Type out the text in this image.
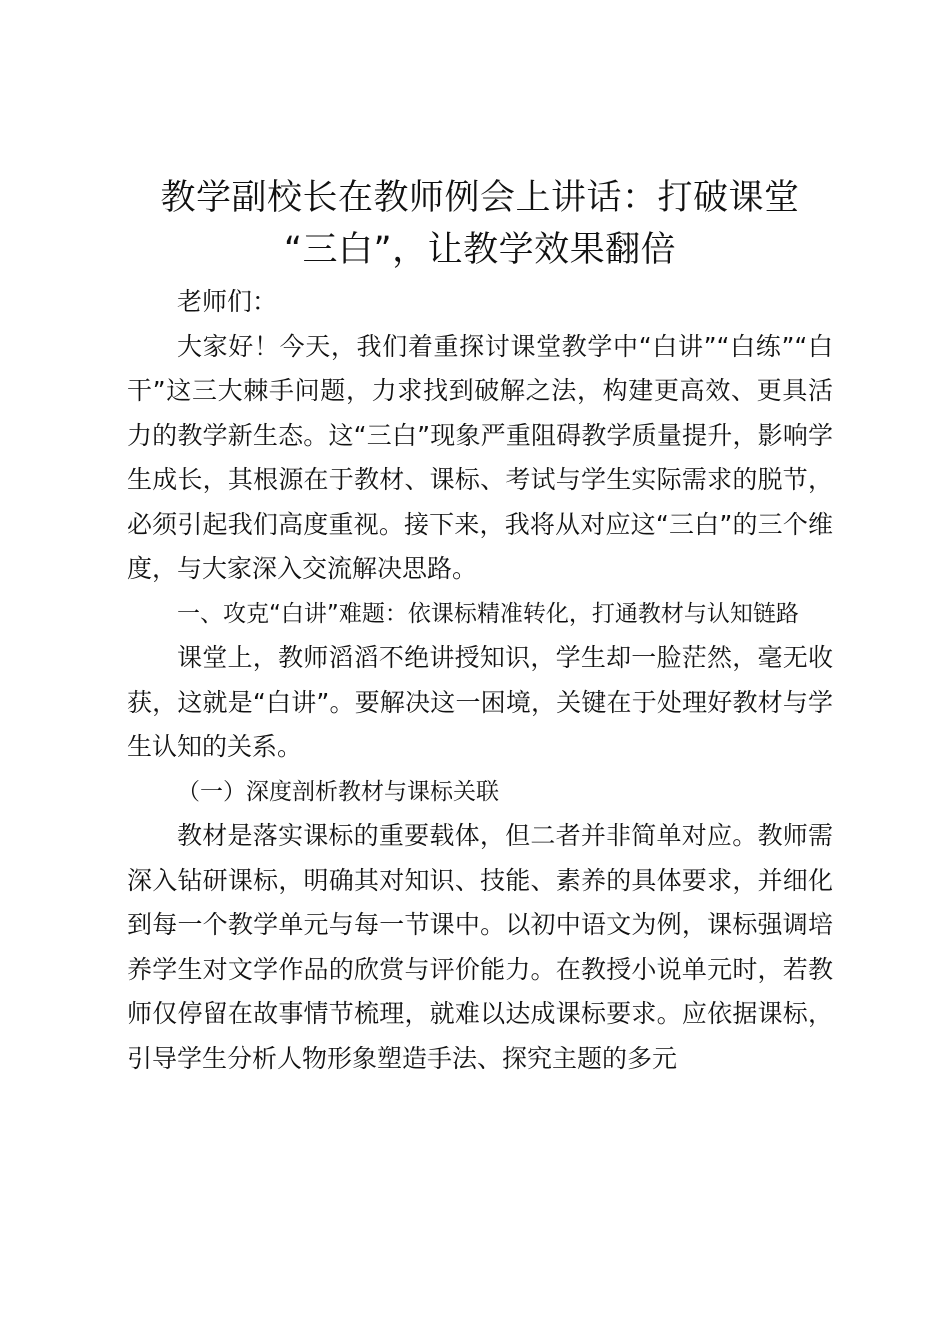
教学副校长在教师例会上讲话：打破课堂
“三白”，让教学效果翻倍

老师们：

大家好！今天，我们着重探讨课堂教学中“白讲”“白练”“白干”这三大棘手问题，力求找到破解之法，构建更高效、更具活力的教学新生态。这“三白”现象严重阻碍教学质量提升，影响学生成长，其根源在于教材、课标、考试与学生实际需求的脱节，必须引起我们高度重视。接下来，我将从对应这“三白”的三个维度，与大家深入交流解决思路。

一、攻克“白讲”难题：依课标精准转化，打通教材与认知链路

课堂上，教师滔滔不绝讲授知识，学生却一脸茫然，毫无收获，这就是“白讲”。要解决这一困境，关键在于处理好教材与学生认知的关系。

（一）深度剖析教材与课标关联

教材是落实课标的重要载体，但二者并非简单对应。教师需深入钻研课标，明确其对知识、技能、素养的具体要求，并细化到每一个教学单元与每一节课中。以初中语文为例，课标强调培养学生对文学作品的欣赏与评价能力。在教授小说单元时，若教师仅停留在故事情节梳理，就难以达成课标要求。应依据课标，引导学生分析人物形象塑造手法、探究主题的多元
